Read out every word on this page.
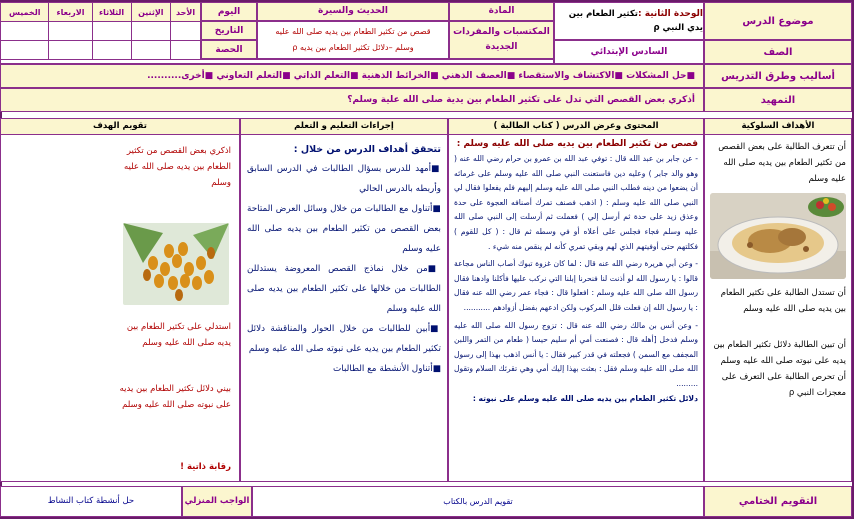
موضوع الدرس
الوحدة الثانية :تكثير الطعام بين يدي النبي ρ
المادة
المكتسبات والمفردات
الجديدة
الحديث والسيرة
قصص من تكثير الطعام بين يديه صلى الله عليه
وسلم –دلائل تكثير الطعام بين يديه ρ
اليوم
التاريخ
الحصة
الأحد	الإثنين	الثلاثاء	الاربعاء	الخميس

الصف
السادس الإبتدائي
أساليب وطرق التدريس
■حل المشكلات ■الاكتشاف والاستقصاء ■العصف الذهني ■الخرائط الذهنية ■التعلم الذاتي ■التعلم التعاوني ■أخرى..........
التمهيد
أذكري بعض القصص التي تدل على تكثير الطعام بين يدية صلى الله علية وسلم؟
الأهداف السلوكية
أن تتعرف الطالبة على بعض القصص من تكثير الطعام بين يديه صلى الله عليه وسلم
أن تستدل الطالبة على تكثير الطعام بين يديه صلى الله عليه وسلم
أن تبين الطالبة دلائل تكثير الطعام بين يديه على نبوته صلى الله عليه وسلم
أن تحرص الطالبة على التعرف على معجزات النبي ρ
المحتوى وعرض الدرس ( كتاب الطالبة )
قصص من تكثير الطعام بين يديه صلى الله عليه وسلم :
- عن جابر بن عبد الله قال : توفي عبد الله بن عمرو بن حرام رضي الله عنه ( وهو والد جابر ) وعليه دين فاستعنت النبي صلى الله عليه وسلم على غرمائه أن يضعوا من دينه فطلب النبي صلى الله عليه وسلم إليهم فلم يفعلوا فقال لي النبي صلى الله عليه وسلم : ( اذهب فصنف تمرك أصنافه العجوة على حدة وعذق زيد على حدة ثم أرسل إلي ) فعملت ثم أرسلت إلى النبي صلى الله عليه وسلم فجاء فجلس على أعلاه أو في وسطه ثم قال : ( كل للقوم ) فكلتهم حتى أوفيتهم الذي لهم وبقي تمري كأنه لم ينقص منه شيء .
- وعن أبي هريرة رضي الله عنه قال : لما كان غزوة تبوك أصاب الناس مجاعة قالوا : يا رسول الله لو أذنت لنا فنحرنا إبلنا التي نركب عليها فأكلنا وادهنا فقال رسول الله صلى الله عليه وسلم : افعلوا قال : فجاء عمر رضي الله عنه فقال : يا رسول الله إن فعلت قلل المركوب ولكن ادعهم بفضل أزوادهم ...........
- وعن أنس بن مالك رضي الله عنه قال : تزوج رسول الله صلى الله عليه وسلم فدخل [أهله قال : فصنعت أمي أم سليم حيسا ( طعام من التمر واللبن المجفف مع السمن ) فجعلته في قدر كبير فقال : يا أنس اذهب بهذا إلى رسول الله صلى الله عليه وسلم فقل : بعثت بهذا إليك أمي وهي تقرئك السلام وتقول .........
دلائل تكثير الطعام بين يديه صلى الله عليه وسلم على نبوته :
إجراءات التعليم و التعلم
تتحقق أهداف الدرس من خلال :
■أمهد للدرس بسؤال الطالبات في الدرس السابق وأربطه بالدرس الحالي
■أتناول مع الطالبات من خلال وسائل العرض المتاحة بعض القصص من تكثير الطعام بين يديه صلى الله عليه وسلم
■من خلال نماذج القصص المعروضة يستدللن الطالبات من خلالها على تكثير الطعام بين يديه صلى الله عليه وسلم
■أبين للطالبات من خلال الحوار والمناقشة دلائل تكثير الطعام بين يديه على نبوته صلى الله عليه وسلم
■أتناول الأنشطة مع الطالبات
تقويم الهدف
اذكري بعض القصص من تكثير الطعام بين يديه صلى الله عليه وسلم
استدلي على تكثير الطعام بين يديه صلى الله عليه وسلم
بيني دلائل تكثير الطعام بين يديه على نبوته صلى الله عليه وسلم
رقابة ذاتية !
التقويم الختامي
تقويم الدرس بالكتاب
الواجب المنزلي
حل أنشطة كتاب النشاط
